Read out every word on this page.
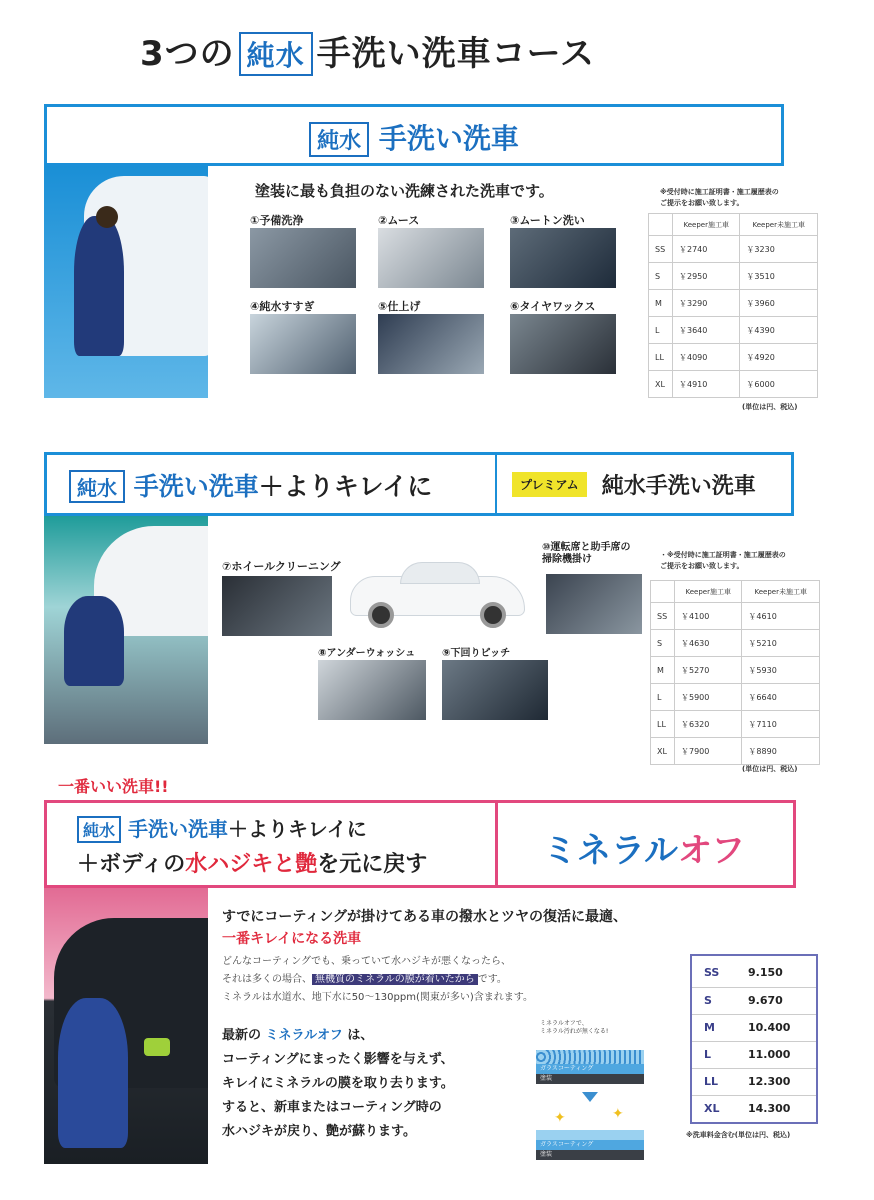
3つの 純水 手洗い洗車コース
純水 手洗い洗車
塗装に最も負担のない洗練された洗車です。
①予備洗浄	②ムース	③ムートン洗い
④純水すすぎ	⑤仕上げ	⑥タイヤワックス
※受付時に施工証明書・施工履歴表の
ご提示をお願い致します。
	Keeper施工車	Keeper未施工車
SS	￥2740	￥3230
S	￥2950	￥3510
M	￥3290	￥3960
L	￥3640	￥4390
LL	￥4090	￥4920
XL	￥4910	￥6000
(単位は円、税込)
純水 手洗い洗車＋よりキレイに	プレミアム 純水手洗い洗車
⑦ホイールクリーニング
⑩運転席と助手席の
掃除機掛け
⑧アンダーウォッシュ	⑨下回りピッチ
・※受付時に施工証明書・施工履歴表の
ご提示をお願い致します。
	Keeper施工車	Keeper未施工車
SS	￥4100	￥4610
S	￥4630	￥5210
M	￥5270	￥5930
L	￥5900	￥6640
LL	￥6320	￥7110
XL	￥7900	￥8890
(単位は円、税込)
一番いい洗車!!
純水 手洗い洗車＋よりキレイに
＋ボディの水ハジキと艶を元に戻す	ミネラルオフ
すでにコーティングが掛けてある車の撥水とツヤの復活に最適、
一番キレイになる洗車
どんなコーティングでも、乗っていて水ハジキが悪くなったら、
それは多くの場合、 無機質のミネラルの膜が着いたから です。
ミネラルは水道水、地下水に50～130ppm(関東が多い)含まれます。
最新の ミネラルオフ は、
コーティングにまったく影響を与えず、
キレイにミネラルの膜を取り去ります。
すると、新車またはコーティング時の
水ハジキが戻り、艶が蘇ります。
ミネラルオフで、
ミネラル汚れが無くなる!
ガラスコーティング
塗装
✦	✦
ガラスコーティング
塗装
SS	9.150
S	9.670
M	10.400
L	11.000
LL	12.300
XL	14.300
※洗車料金含む(単位は円、税込)
